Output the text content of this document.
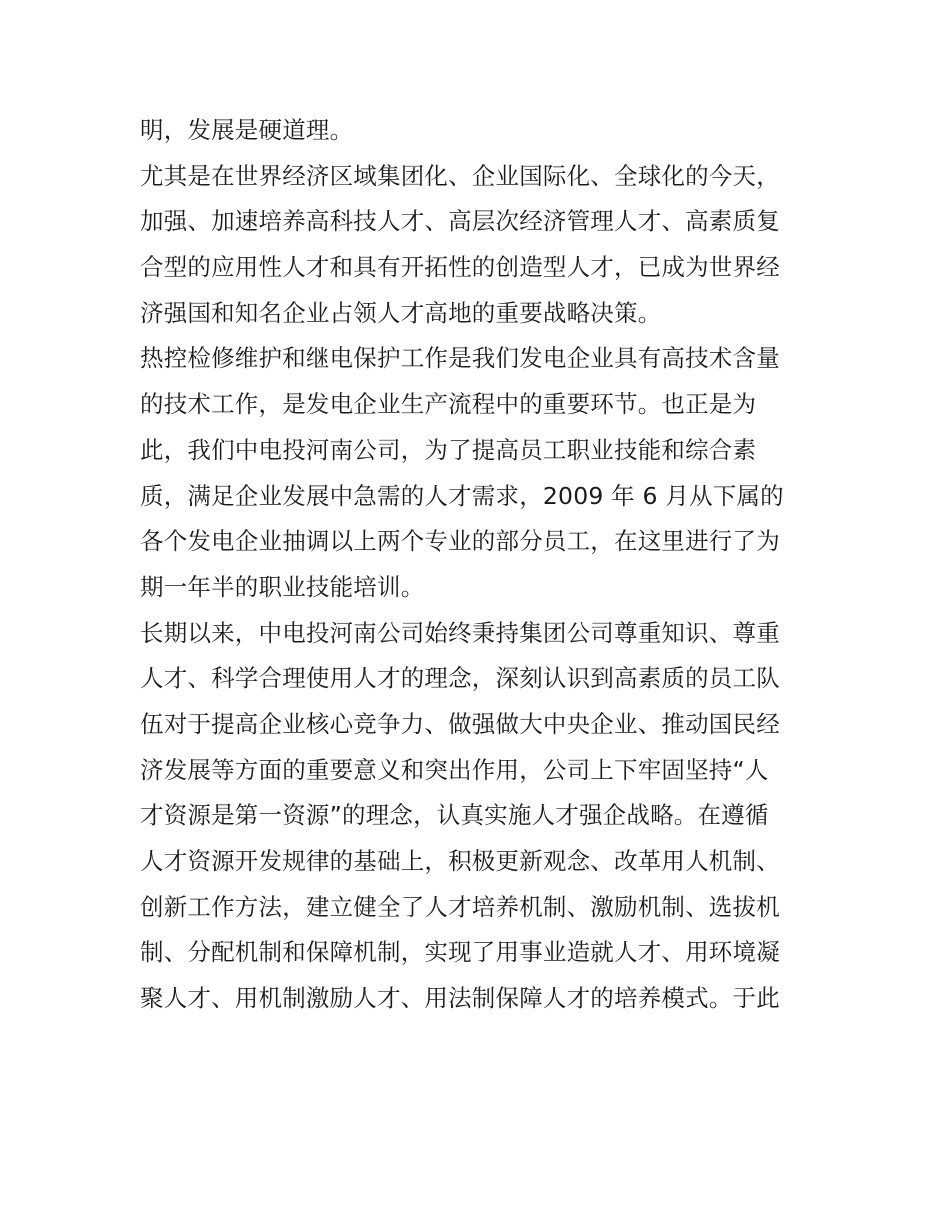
明，发展是硬道理。
尤其是在世界经济区域集团化、企业国际化、全球化的今天，
加强、加速培养高科技人才、高层次经济管理人才、高素质复
合型的应用性人才和具有开拓性的创造型人才，已成为世界经
济强国和知名企业占领人才高地的重要战略决策。
热控检修维护和继电保护工作是我们发电企业具有高技术含量
的技术工作，是发电企业生产流程中的重要环节。也正是为
此，我们中电投河南公司，为了提高员工职业技能和综合素
质，满足企业发展中急需的人才需求，2009 年 6 月从下属的
各个发电企业抽调以上两个专业的部分员工，在这里进行了为
期一年半的职业技能培训。
长期以来，中电投河南公司始终秉持集团公司尊重知识、尊重
人才、科学合理使用人才的理念，深刻认识到高素质的员工队
伍对于提高企业核心竞争力、做强做大中央企业、推动国民经
济发展等方面的重要意义和突出作用，公司上下牢固坚持“人
才资源是第一资源”的理念，认真实施人才强企战略。在遵循
人才资源开发规律的基础上，积极更新观念、改革用人机制、
创新工作方法，建立健全了人才培养机制、激励机制、选拔机
制、分配机制和保障机制，实现了用事业造就人才、用环境凝
聚人才、用机制激励人才、用法制保障人才的培养模式。于此
